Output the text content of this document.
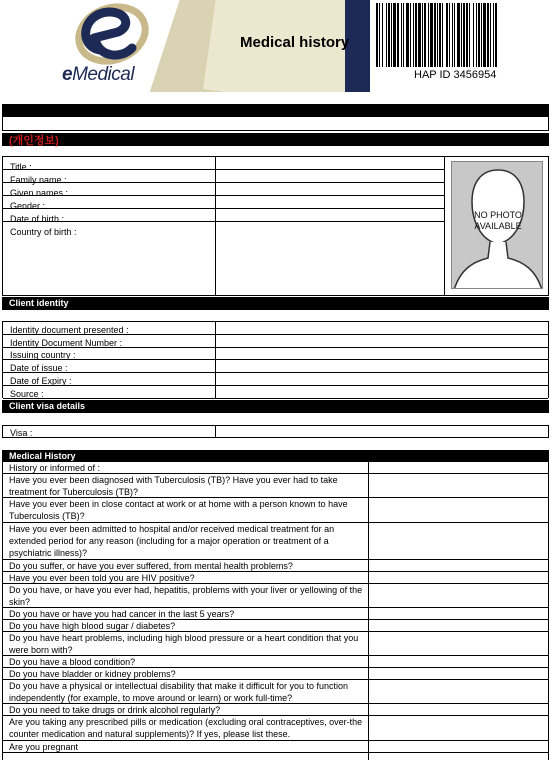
eMedical
Medical history
HAP ID 3456954
(개인정보)
Title :
Family name :
Given names :
Gender :
Date of birth :
Country of birth :
NO PHOTO
AVAILABLE
Client identity
Identity document presented :
Identity Document Number :
Issuing country :
Date of issue :
Date of Expiry :
Source :
Client visa details
Visa :
Medical History
History or informed of :
Have you ever been diagnosed with Tuberculosis (TB)? Have you ever had to take treatment for Tuberculosis (TB)?
Have you ever been in close contact at work or at home with a person known to have Tuberculosis (TB)?
Have you ever been admitted to hospital and/or received medical treatment for an extended period for any reason (including for a major operation or treatment of a psychiatric illness)?
Do you suffer, or have you ever suffered, from mental health problems?
Have you ever been told you are HIV positive?
Do you have, or have you ever had, hepatitis, problems with your liver or yellowing of the skin?
Do you have or have you had cancer in the last 5 years?
Do you have high blood sugar / diabetes?
Do you have heart problems, including high blood pressure or a heart condition that you were born with?
Do you have a blood condition?
Do you have bladder or kidney problems?
Do you have a physical or intellectual disability that make it difficult for you to function independently (for example, to move around or learn) or work full-time?
Do you need to take drugs or drink alcohol regularly?
Are you taking any prescribed pills or medication (excluding oral contraceptives, over-the counter medication and natural supplements)? If yes, please list these.
Are you pregnant
